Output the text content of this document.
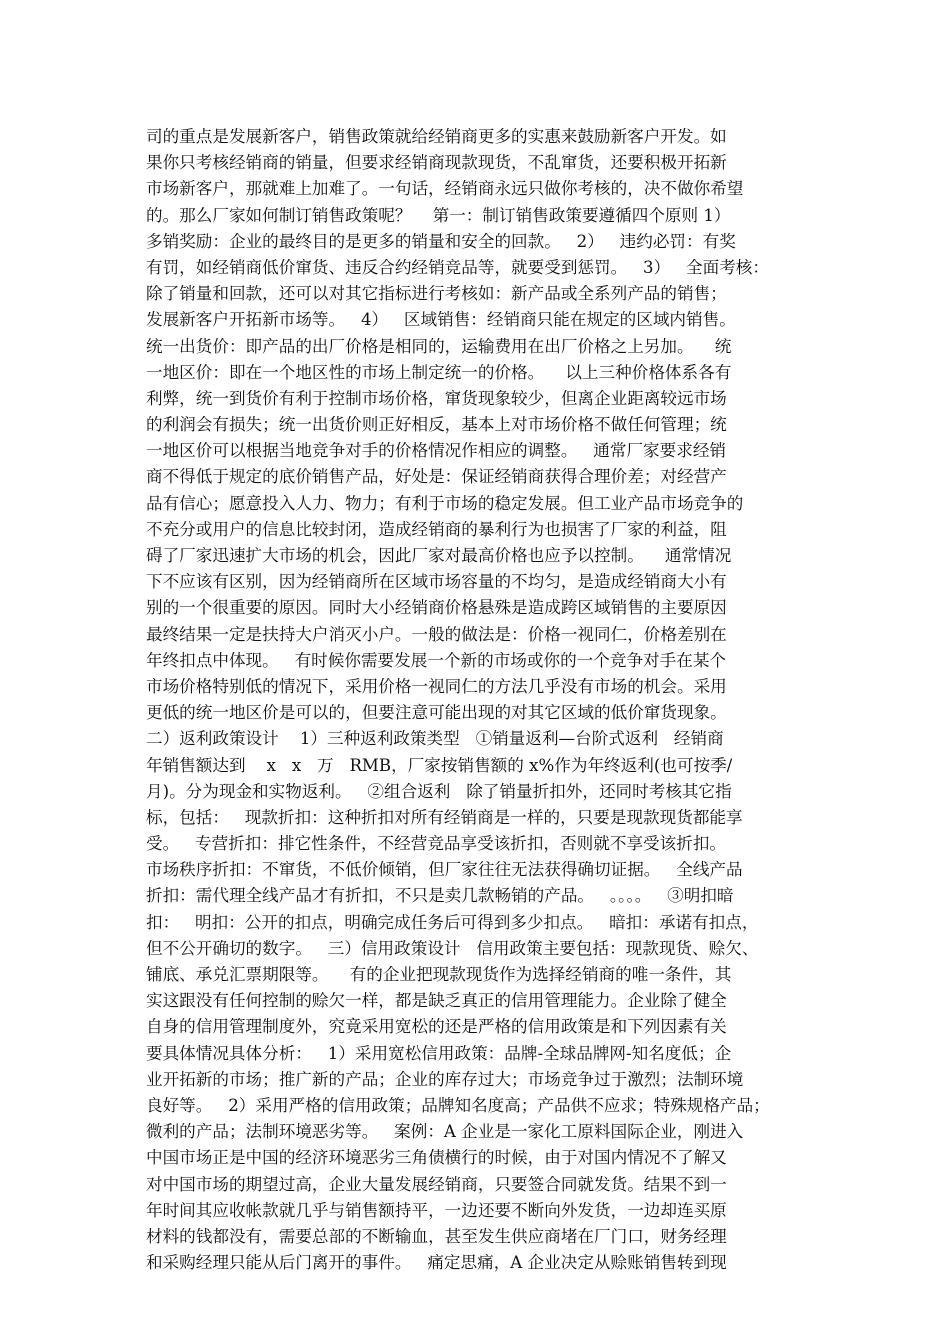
司的重点是发展新客户，销售政策就给经销商更多的实惠来鼓励新客户开发。如
果你只考核经销商的销量，但要求经销商现款现货，不乱窜货，还要积极开拓新
市场新客户，那就难上加难了。一句话，经销商永远只做你考核的，决不做你希望
的。那么厂家如何制订销售政策呢？    第一：制订销售政策要遵循四个原则 1）
多销奖励：企业的最终目的是更多的销量和安全的回款。   2）   违约必罚：有奖
有罚，如经销商低价窜货、违反合约经销竞品等，就要受到惩罚。   3）   全面考核：
除了销量和回款，还可以对其它指标进行考核如：新产品或全系列产品的销售；
发展新客户开拓新市场等。   4）   区域销售：经销商只能在规定的区域内销售。
统一出货价：即产品的出厂价格是相同的，运输费用在出厂价格之上另加。    统
一地区价：即在一个地区性的市场上制定统一的价格。    以上三种价格体系各有
利弊，统一到货价有利于控制市场价格，窜货现象较少，但离企业距离较远市场
的利润会有损失；统一出货价则正好相反，基本上对市场价格不做任何管理；统
一地区价可以根据当地竞争对手的价格情况作相应的调整。   通常厂家要求经销
商不得低于规定的底价销售产品，好处是：保证经销商获得合理价差；对经营产
品有信心；愿意投入人力、物力；有利于市场的稳定发展。但工业产品市场竞争的
不充分或用户的信息比较封闭，造成经销商的暴利行为也损害了厂家的利益，阻
碍了厂家迅速扩大市场的机会，因此厂家对最高价格也应予以控制。    通常情况
下不应该有区别，因为经销商所在区域市场容量的不均匀，是造成经销商大小有
别的一个很重要的原因。同时大小经销商价格悬殊是造成跨区域销售的主要原因
最终结果一定是扶持大户消灭小户。一般的做法是：价格一视同仁，价格差别在
年终扣点中体现。   有时候你需要发展一个新的市场或你的一个竞争对手在某个
市场价格特别低的情况下，采用价格一视同仁的方法几乎没有市场的机会。采用
更低的统一地区价是可以的，但要注意可能出现的对其它区域的低价窜货现象。
二）返利政策设计    1）三种返利政策类型   ①销量返利—台阶式返利   经销商
年销售额达到    x   x   万   RMB，厂家按销售额的 x%作为年终返利(也可按季/
月)。分为现金和实物返利。   ②组合返利   除了销量折扣外，还同时考核其它指
标，包括：   现款折扣：这种折扣对所有经销商是一样的，只要是现款现货都能享
受。   专营折扣：排它性条件，不经营竞品享受该折扣，否则就不享受该折扣。
市场秩序折扣：不窜货，不低价倾销，但厂家往往无法获得确切证据。   全线产品
折扣：需代理全线产品才有折扣，不只是卖几款畅销的产品。   。。。。   ③明扣暗
扣：   明扣：公开的扣点，明确完成任务后可得到多少扣点。   暗扣：承诺有扣点，
但不公开确切的数字。   三）信用政策设计   信用政策主要包括：现款现货、赊欠、
铺底、承兑汇票期限等。    有的企业把现款现货作为选择经销商的唯一条件，其
实这跟没有任何控制的赊欠一样，都是缺乏真正的信用管理能力。企业除了健全
自身的信用管理制度外，究竟采用宽松的还是严格的信用政策是和下列因素有关
要具体情况具体分析：   1）采用宽松信用政策：品牌-全球品牌网-知名度低；企
业开拓新的市场；推广新的产品；企业的库存过大；市场竞争过于激烈；法制环境
良好等。   2）采用严格的信用政策；品牌知名度高；产品供不应求；特殊规格产品；
微利的产品；法制环境恶劣等。   案例：A 企业是一家化工原料国际企业，刚进入
中国市场正是中国的经济环境恶劣三角债横行的时候，由于对国内情况不了解又
对中国市场的期望过高，企业大量发展经销商，只要签合同就发货。结果不到一
年时间其应收帐款就几乎与销售额持平，一边还要不断向外发货，一边却连买原
材料的钱都没有，需要总部的不断输血，甚至发生供应商堵在厂门口，财务经理
和采购经理只能从后门离开的事件。   痛定思痛，A 企业决定从赊账销售转到现
